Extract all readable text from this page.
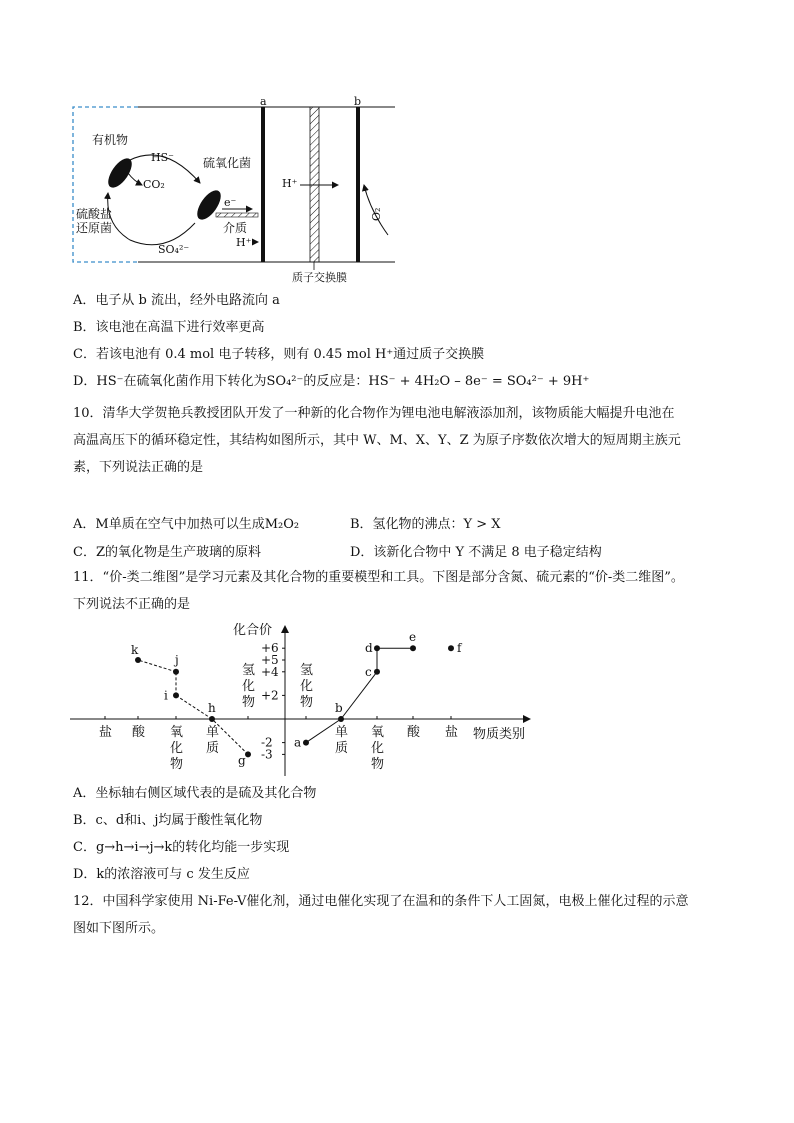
a	b
质子交换膜
有机物
HS⁻
CO₂
硫氧化菌
硫酸盐
还原菌
e⁻
介质
SO₄²⁻
H⁺
H⁺
O₂
A．电子从 b 流出，经外电路流向 a
B．该电池在高温下进行效率更高
C．若该电池有 0.4 mol 电子转移，则有 0.45 mol H⁺通过质子交换膜
D．HS⁻在硫氧化菌作用下转化为SO₄²⁻的反应是：HS⁻ + 4H₂O – 8e⁻ = SO₄²⁻ + 9H⁺
10．清华大学贺艳兵教授团队开发了一种新的化合物作为锂电池电解液添加剂，该物质能大幅提升电池在
高温高压下的循环稳定性，其结构如图所示，其中 W、M、X、Y、Z 为原子序数依次增大的短周期主族元
素，下列说法正确的是
A．M单质在空气中加热可以生成M₂O₂	B．氢化物的沸点：Y > X
C．Z的氧化物是生产玻璃的原料	D．该新化合物中 Y 不满足 8 电子稳定结构
11．“价-类二维图”是学习元素及其化合物的重要模型和工具。下图是部分含氮、硫元素的“价-类二维图”。
下列说法不正确的是
化合价
物质类别
+6
+5
+4
+2
-2
-3
盐 酸 氧
化
物
单
质
氢
化
物
氢
化
物
单
质
氧
化
物
酸 盐
g
h
i
j
k
a
b
c
d
e
f
A．坐标轴右侧区域代表的是硫及其化合物
B．c、d和i、j均属于酸性氧化物
C．g→h→i→j→k的转化均能一步实现
D．k的浓溶液可与 c 发生反应
12．中国科学家使用 Ni-Fe-V催化剂，通过电催化实现了在温和的条件下人工固氮，电极上催化过程的示意
图如下图所示。
